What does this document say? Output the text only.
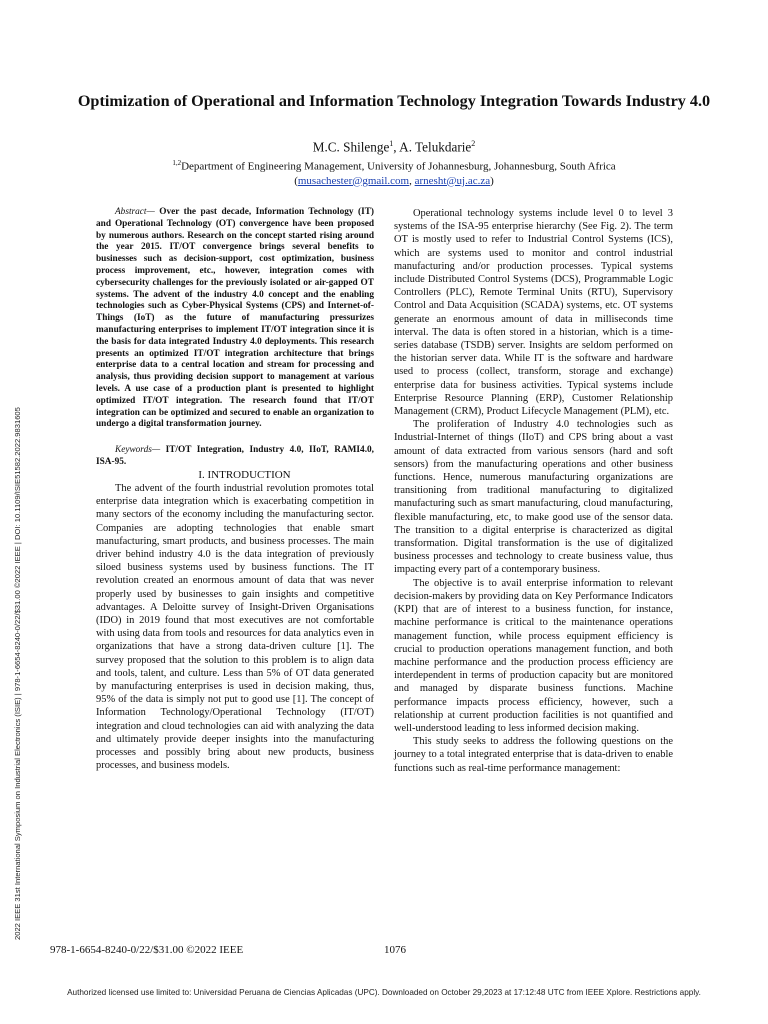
2022 IEEE 31st International Symposium on Industrial Electronics (ISIE) | 978-1-6654-8240-0/22/$31.00 ©2022 IEEE | DOI: 10.1109/ISIE51582.2022.9831605
Optimization of Operational and Information Technology Integration Towards Industry 4.0
M.C. Shilenge$^1$, A. Telukdarie$^2$
$^{1,2}$Department of Engineering Management, University of Johannesburg, Johannesburg, South Africa
(musachester@gmail.com, arnesht@uj.ac.za)

Abstract— Over the past decade, Information Technology (IT) and Operational Technology (OT) convergence have been proposed by numerous authors. Research on the concept started rising around the year 2015. IT/OT convergence brings several benefits to businesses such as decision-support, cost optimization, business process improvement, etc., however, integration comes with cybersecurity challenges for the previously isolated or air-gapped OT systems. The advent of the industry 4.0 concept and the enabling technologies such as Cyber-Physical Systems (CPS) and Internet-of-Things (IoT) as the future of manufacturing pressurizes manufacturing enterprises to implement IT/OT integration since it is the basis for data integrated Industry 4.0 deployments. This research presents an optimized IT/OT integration architecture that brings enterprise data to a central location and stream for processing and analysis, thus providing decision support to management at various levels. A use case of a production plant is presented to highlight optimized IT/OT integration. The research found that IT/OT integration can be optimized and secured to enable an organization to undergo a digital transformation journey.

Keywords— IT/OT Integration, Industry 4.0, IIoT, RAMI4.0, ISA-95.

I. INTRODUCTION

The advent of the fourth industrial revolution promotes total enterprise data integration which is exacerbating competition in many sectors of the economy including the manufacturing sector. Companies are adopting technologies that enable smart manufacturing, smart products, and business processes. The main driver behind industry 4.0 is the data integration of previously siloed business systems used by business functions. The IT revolution created an enormous amount of data that was never properly used by businesses to gain insights and competitive advantages. A Deloitte survey of Insight-Driven Organisations (IDO) in 2019 found that most executives are not comfortable with using data from tools and resources for data analytics even in organizations that have a strong data-driven culture [1]. The survey proposed that the solution to this problem is to align data and tools, talent, and culture. Less than 5% of OT data generated by manufacturing enterprises is used in decision making, thus, 95% of the data is simply not put to good use [1]. The concept of Information Technology/Operational Technology (IT/OT) integration and cloud technologies can aid with analyzing the data and ultimately provide deeper insights into the manufacturing processes and possibly bring about new products, business processes, and business models.

Operational technology systems include level 0 to level 3 systems of the ISA-95 enterprise hierarchy (See Fig. 2). The term OT is mostly used to refer to Industrial Control Systems (ICS), which are systems used to monitor and control industrial manufacturing and/or production processes. Typical systems include Distributed Control Systems (DCS), Programmable Logic Controllers (PLC), Remote Terminal Units (RTU), Supervisory Control and Data Acquisition (SCADA) systems, etc. OT systems generate an enormous amount of data in milliseconds time interval. The data is often stored in a historian, which is a time-series database (TSDB) server. Insights are seldom performed on the historian server data. While IT is the software and hardware used to process (collect, transform, storage and exchange) enterprise data for business activities. Typical systems include Enterprise Resource Planning (ERP), Customer Relationship Management (CRM), Product Lifecycle Management (PLM), etc.

The proliferation of Industry 4.0 technologies such as Industrial-Internet of things (IIoT) and CPS bring about a vast amount of data extracted from various sensors (hard and soft sensors) from the manufacturing operations and other business functions. Hence, numerous manufacturing organizations are transitioning from traditional manufacturing to digitalized manufacturing such as smart manufacturing, cloud manufacturing, flexible manufacturing, etc, to make good use of the sensor data. The transition to a digital enterprise is characterized as digital transformation. Digital transformation is the use of digitalized business processes and technology to create business value, thus impacting every part of a contemporary business.

The objective is to avail enterprise information to relevant decision-makers by providing data on Key Performance Indicators (KPI) that are of interest to a business function, for instance, machine performance is critical to the maintenance operations management function, while process equipment efficiency is crucial to production operations management function, and both machine performance and the production process efficiency are interdependent in terms of production capacity but are monitored and managed by disparate business functions. Machine performance impacts process efficiency, however, such a relationship at current production facilities is not quantified and well-understood leading to less informed decision making.

This study seeks to address the following questions on the journey to a total integrated enterprise that is data-driven to enable functions such as real-time performance management:

978-1-6654-8240-0/22/$31.00 ©2022 IEEE	1076
Authorized licensed use limited to: Universidad Peruana de Ciencias Aplicadas (UPC). Downloaded on October 29,2023 at 17:12:48 UTC from IEEE Xplore. Restrictions apply.
